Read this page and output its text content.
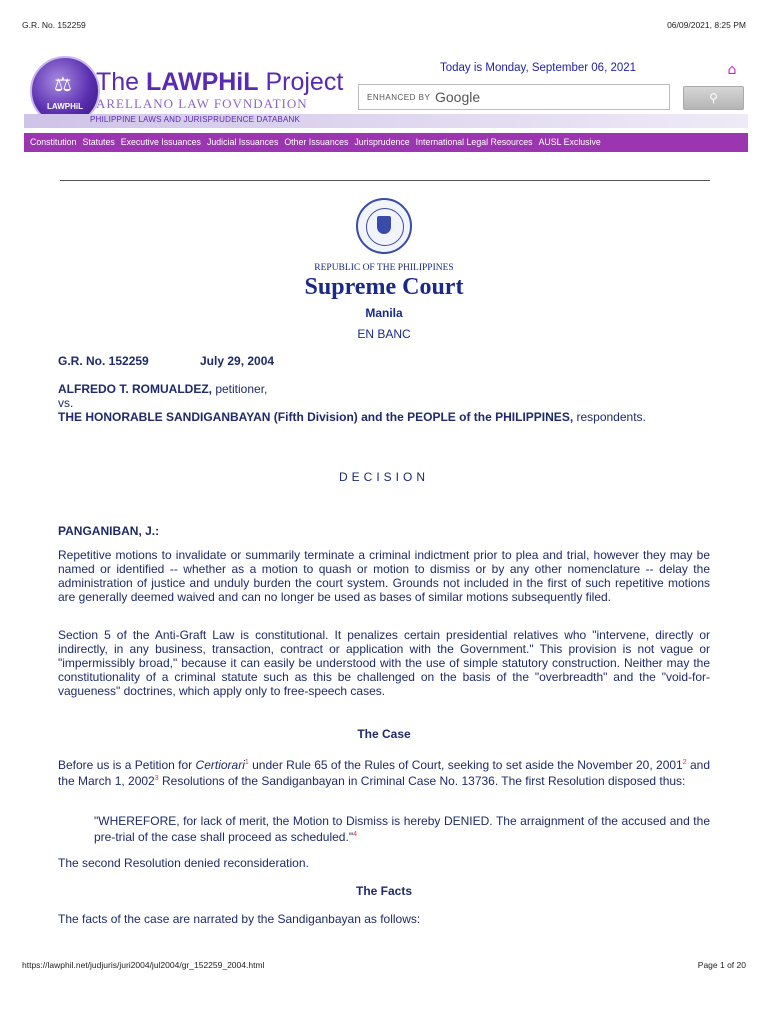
G.R. No. 152259	06/09/2021, 8:25 PM
⚖
LAWPHiL
The LAWPHiL Project
ARELLANO LAW FOVNDATION
PHILIPPINE LAWS AND JURISPRUDENCE DATABANK
Today is Monday, September 06, 2021	⌂
ENHANCED BY Google	⚲
Constitution Statutes Executive Issuances Judicial Issuances Other Issuances Jurisprudence International Legal Resources AUSL Exclusive
REPUBLIC OF THE PHILIPPINES
Supreme Court
Manila
EN BANC
G.R. No. 152259	July 29, 2004
ALFREDO T. ROMUALDEZ, petitioner,
vs.
THE HONORABLE SANDIGANBAYAN (Fifth Division) and the PEOPLE of the PHILIPPINES, respondents.
DECISION
PANGANIBAN, J.:
Repetitive motions to invalidate or summarily terminate a criminal indictment prior to plea and trial, however they may be named or identified -- whether as a motion to quash or motion to dismiss or by any other nomenclature -- delay the administration of justice and unduly burden the court system. Grounds not included in the first of such repetitive motions are generally deemed waived and can no longer be used as bases of similar motions subsequently filed.
Section 5 of the Anti-Graft Law is constitutional. It penalizes certain presidential relatives who "intervene, directly or indirectly, in any business, transaction, contract or application with the Government." This provision is not vague or "impermissibly broad," because it can easily be understood with the use of simple statutory construction. Neither may the constitutionality of a criminal statute such as this be challenged on the basis of the "overbreadth" and the "void-for-vagueness" doctrines, which apply only to free-speech cases.
The Case
Before us is a Petition for Certiorari$^1$ under Rule 65 of the Rules of Court, seeking to set aside the November 20, 2001$^2$ and the March 1, 2002$^3$ Resolutions of the Sandiganbayan in Criminal Case No. 13736. The first Resolution disposed thus:
"WHEREFORE, for lack of merit, the Motion to Dismiss is hereby DENIED. The arraignment of the accused and the pre-trial of the case shall proceed as scheduled."$^4$
The second Resolution denied reconsideration.
The Facts
The facts of the case are narrated by the Sandiganbayan as follows:
https://lawphil.net/judjuris/juri2004/jul2004/gr_152259_2004.html	Page 1 of 20
